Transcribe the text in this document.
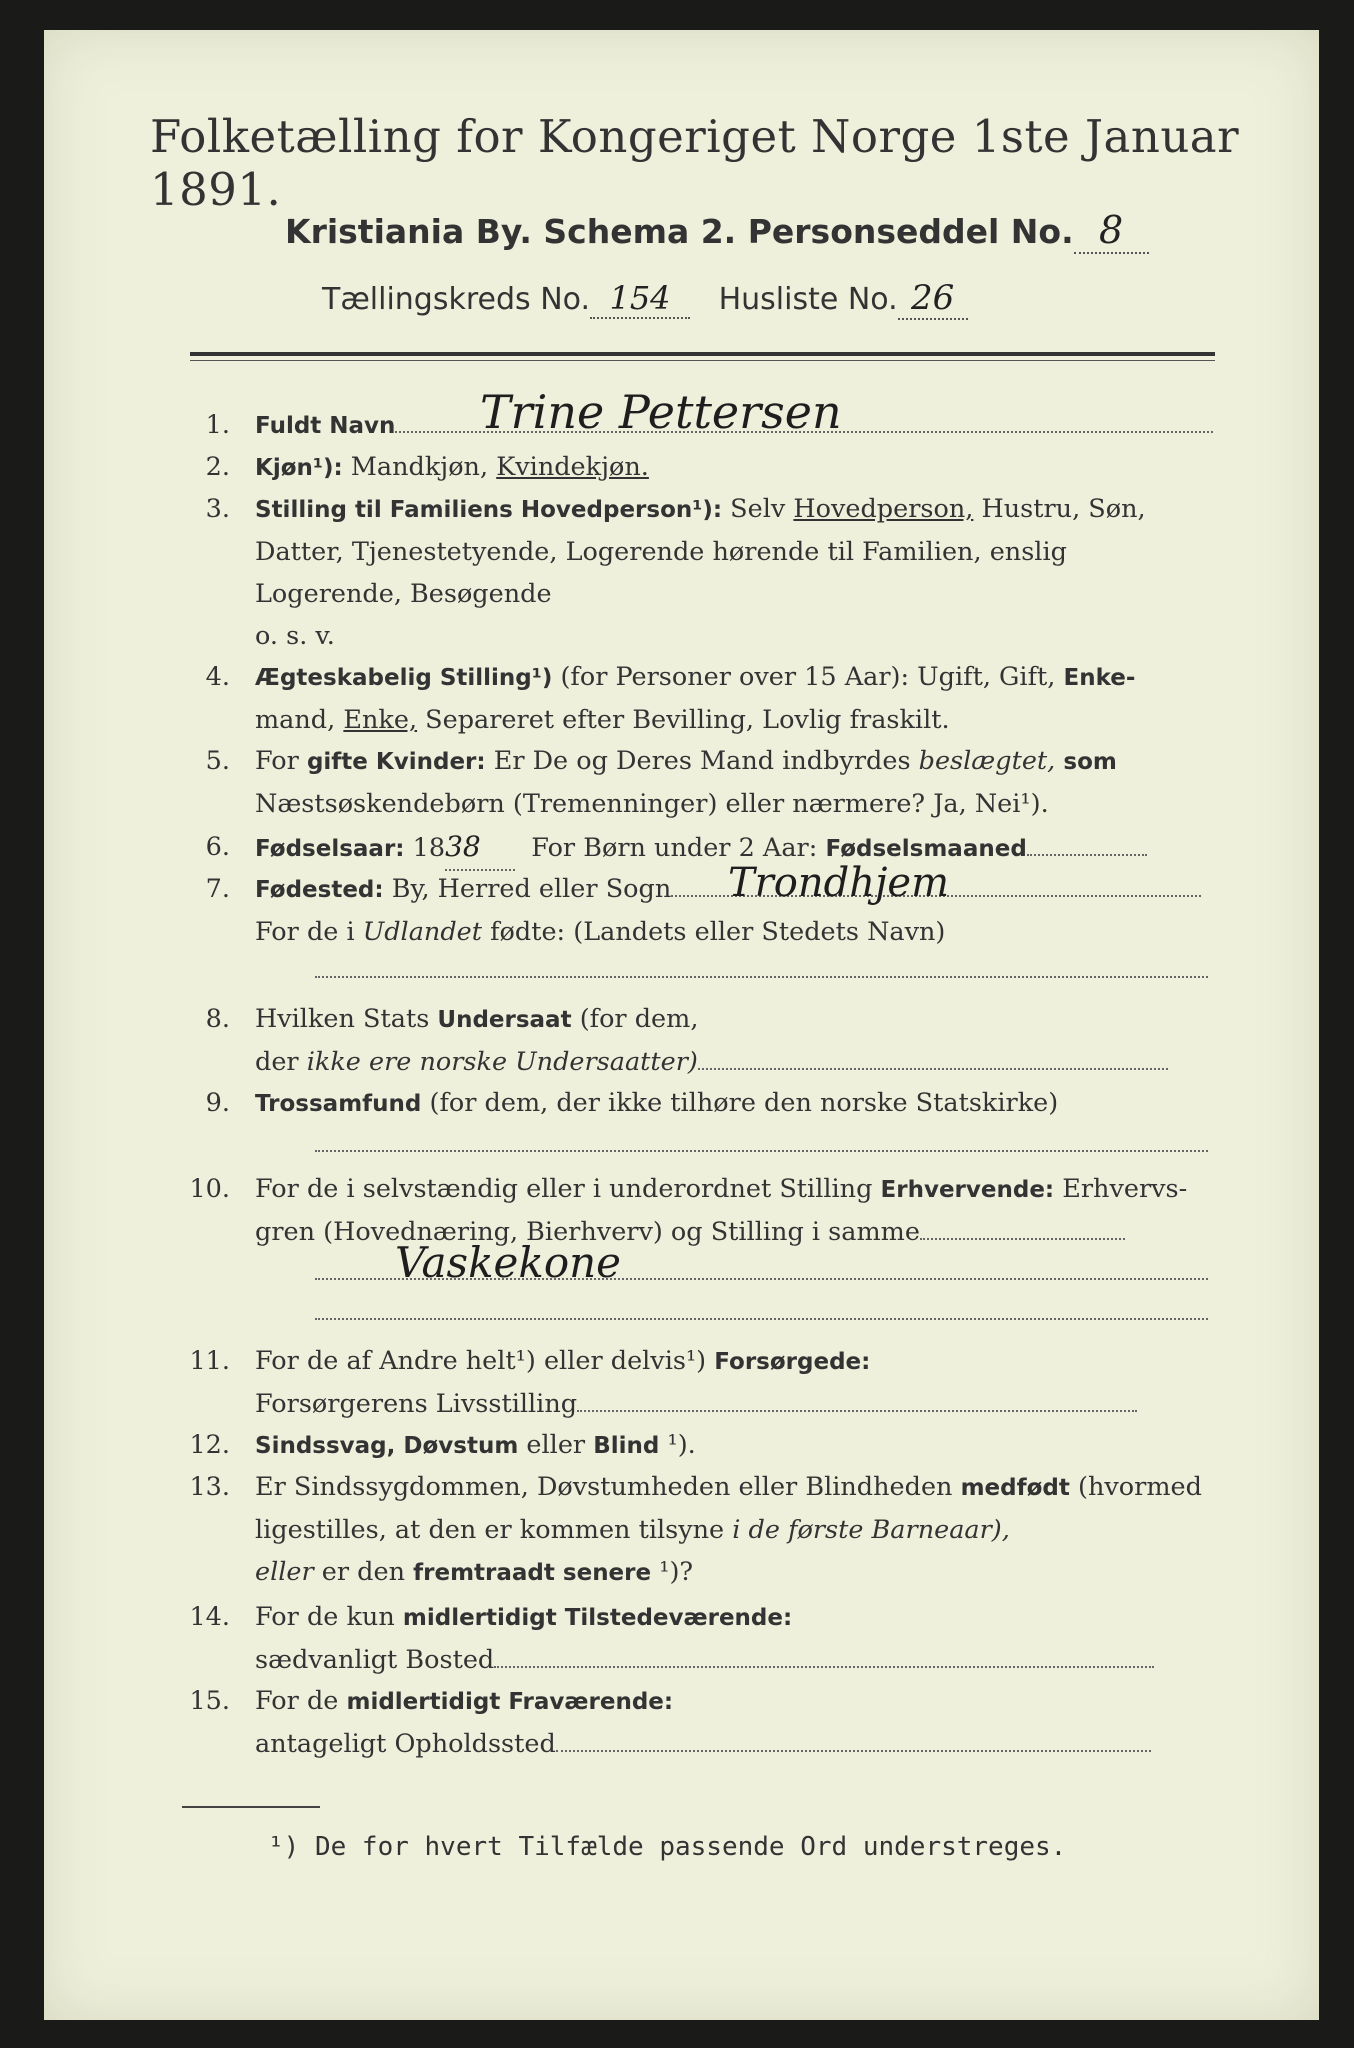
Folketælling for Kongeriget Norge 1ste Januar 1891.
Kristiania By. Schema 2. Personseddel No. 8
Tællingskreds No. 154 Husliste No. 26
1. Fuldt Navn	Trine Pettersen
2. Kjøn¹): Mandkjøn, Kvindekjøn.
3. Stilling til Familiens Hovedperson¹): Selv Hovedperson, Hustru, Søn,
Datter, Tjenestetyende, Logerende hørende til Familien, enslig
Logerende, Besøgende
o. s. v.
4. Ægteskabelig Stilling¹) (for Personer over 15 Aar): Ugift, Gift, Enke-
mand, Enke, Separeret efter Bevilling, Lovlig fraskilt.
5. For gifte Kvinder: Er De og Deres Mand indbyrdes beslægtet, som
Næstsøskendebørn (Tremenninger) eller nærmere? Ja, Nei¹).
6. Fødselsaar: 1838 For Børn under 2 Aar: Fødselsmaaned
7. Fødested: By, Herred eller Sogn
For de i Udlandet fødte: (Landets eller Stedets Navn)
Trondhjem
8. Hvilken Stats Undersaat (for dem,
der ikke ere norske Undersaatter)
9. Trossamfund (for dem, der ikke tilhøre den norske Statskirke)
10. For de i selvstændig eller i underordnet Stilling Erhvervende: Erhvervs-
gren (Hovednæring, Bierhverv) og Stilling i samme
Vaskekone
11. For de af Andre helt¹) eller delvis¹) Forsørgede:
Forsørgerens Livsstilling
12. Sindssvag, Døvstum eller Blind ¹).
13. Er Sindssygdommen, Døvstumheden eller Blindheden medfødt (hvormed
ligestilles, at den er kommen tilsyne i de første Barneaar),
eller er den fremtraadt senere ¹)?
14. For de kun midlertidigt Tilstedeværende:
sædvanligt Bosted
15. For de midlertidigt Fraværende:
antageligt Opholdssted
¹) De for hvert Tilfælde passende Ord understreges.
